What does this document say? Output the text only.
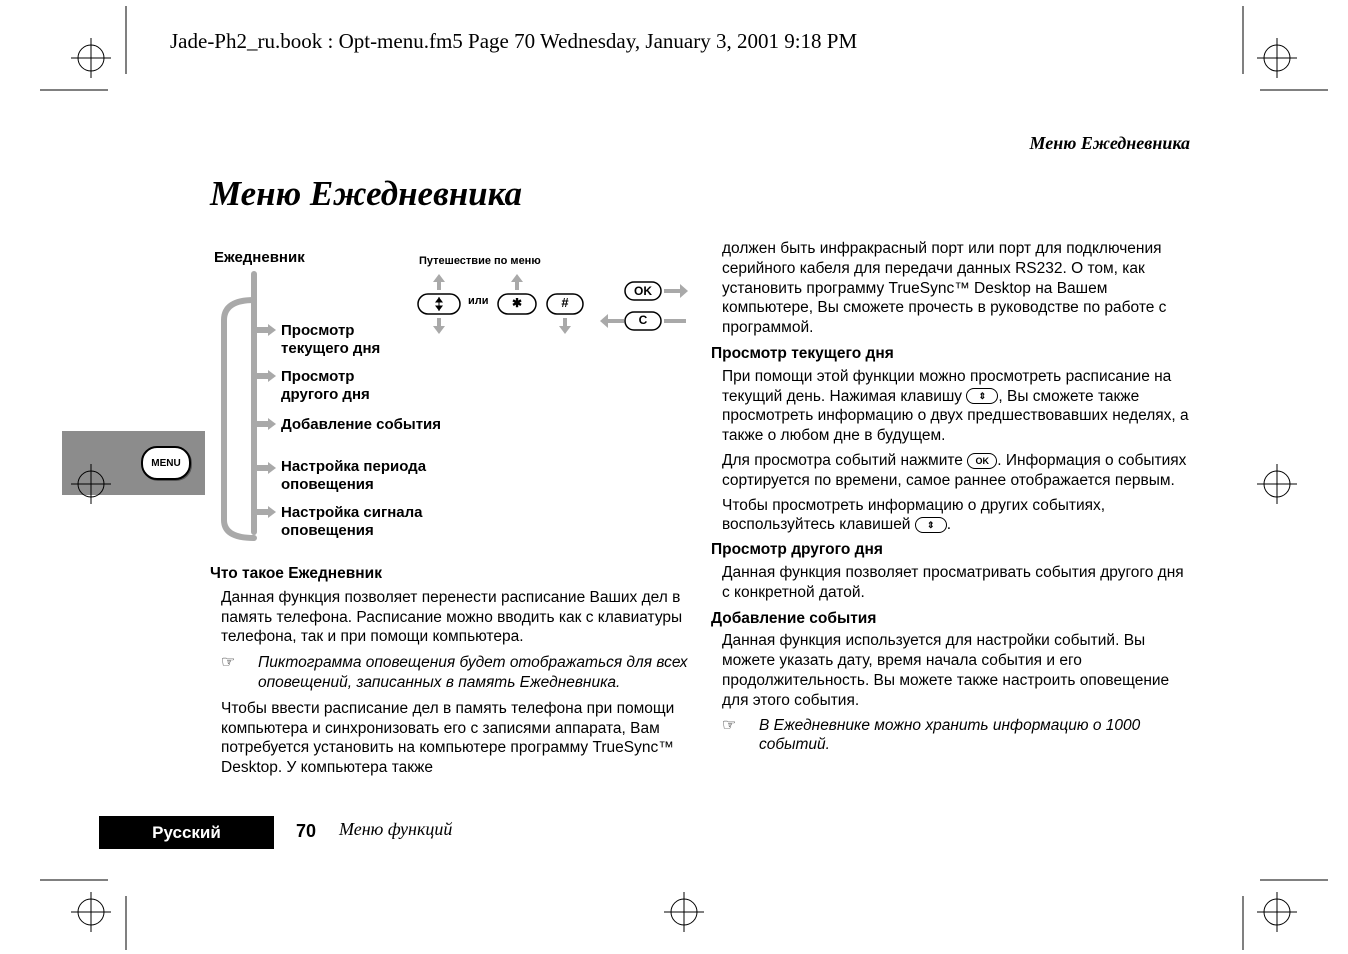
Jade-Ph2_ru.book : Opt-menu.fm5 Page 70 Wednesday, January 3, 2001 9:18 PM
Меню Ежедневника
Меню Ежедневника
MENU
Ежедневник
Просмотр
текущего дня
Просмотр
другого дня
Добавление события
Настройка периода
оповещения
Настройка сигнала
оповещения
Путешествие по меню
или	✱	#
OK
C
Что такое Ежедневник

Данная функция позволяет перенести расписание Ваших дел в память телефона. Расписание можно вводить как с клавиатуры телефона, так и при помощи компьютера.

☞	Пиктограмма оповещения будет отображаться для всех оповещений, записанных в память Ежедневника.

Чтобы ввести расписание дел в память телефона при помощи компьютера и синхронизовать его с записями аппарата, Вам потребуется установить на компьютере программу TrueSync™ Desktop. У компьютера также

должен быть инфракрасный порт или порт для подключения серийного кабеля для передачи данных RS232. О том, как установить программу TrueSync™ Desktop на Вашем компьютере, Вы сможете прочесть в руководстве по работе с программой.

Просмотр текущего дня

При помощи этой функции можно просмотреть расписание на текущий день. Нажимая клавишу ⇕ , Вы сможете также просмотреть информацию о двух предшествовавших неделях, а также о любом дне в будущем.

Для просмотра событий нажмите OK . Информация о событиях сортируется по времени, самое раннее отображается первым.

Чтобы просмотреть информацию о других событиях, воспользуйтесь клавишей ⇕ .

Просмотр другого дня

Данная функция позволяет просматривать события другого дня с конкретной датой.

Добавление события

Данная функция используется для настройки событий. Вы можете указать дату, время начала события и его продолжительность. Вы можете также настроить оповещение для этого события.

☞	В Ежедневнике можно хранить информацию о 1000 событий.

Русский	70 Меню функций
